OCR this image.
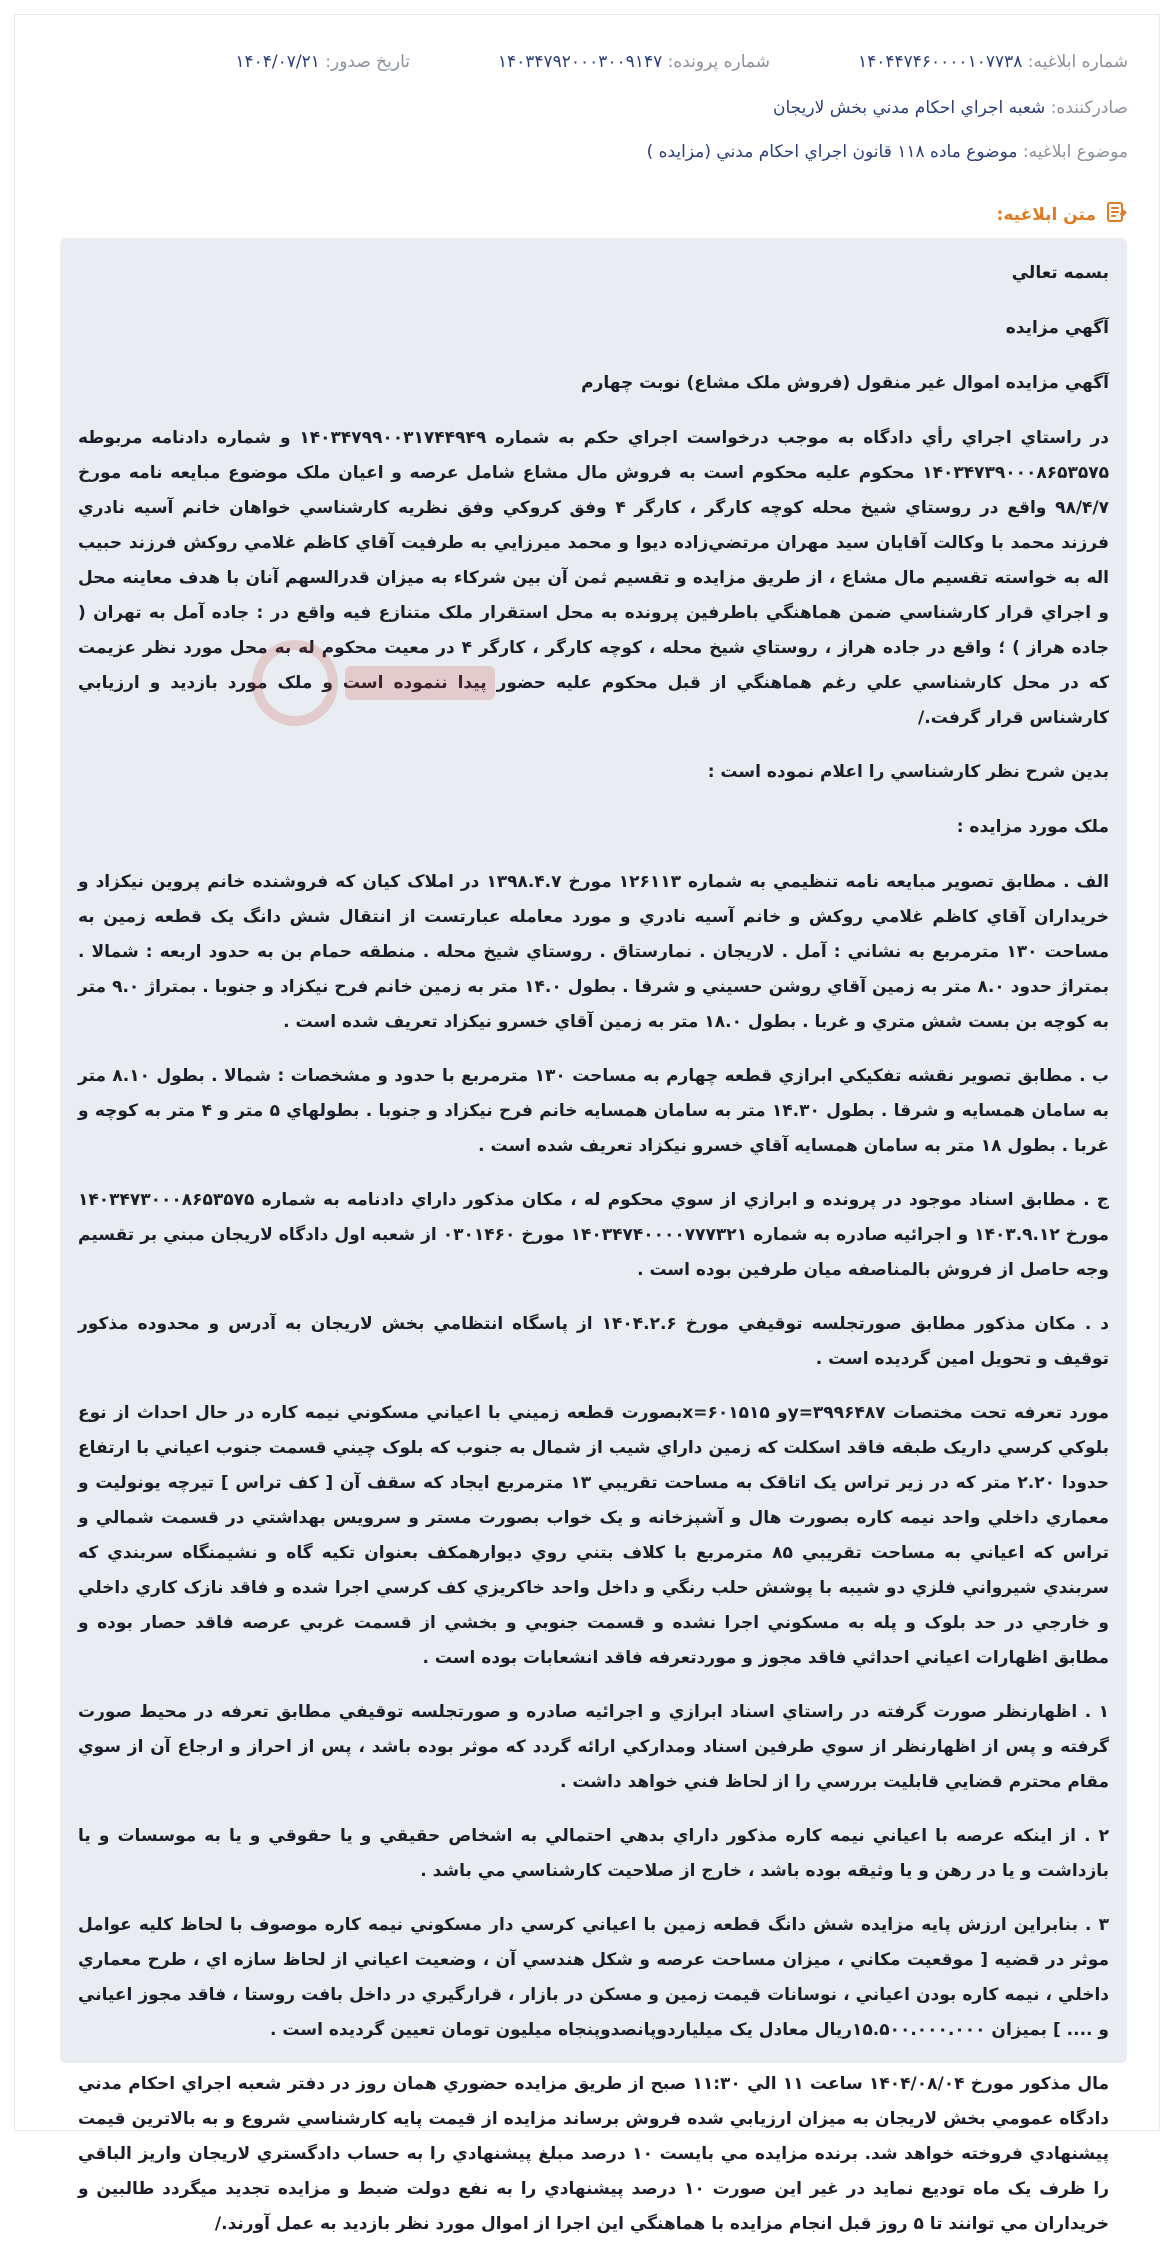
شماره ابلاغيه: ۱۴۰۴۴۷۴۶۰۰۰۰۱۰۷۷۳۸
شماره پرونده: ۱۴۰۳۴۷۹۲۰۰۰۳۰۰۹۱۴۷
تاريخ صدور: ۱۴۰۴/۰۷/۲۱
صادرکننده: شعبه اجراي احکام مدني بخش لاريجان
موضوع ابلاغيه: موضوع ماده ۱۱۸ قانون اجراي احکام مدني (مزايده )
متن ابلاغيه:

بسمه تعالي

آگهي مزايده

آگهي مزايده اموال غير منقول (فروش ملک مشاع) نوبت چهارم

در راستاي اجراي رأي دادگاه به موجب درخواست اجراي حکم به شماره ۱۴۰۳۴۷۹۹۰۰۳۱۷۴۴۹۴۹ و شماره دادنامه مربوطه ۱۴۰۳۴۷۳۹۰۰۰۸۶۵۳۵۷۵ محکوم عليه محکوم است به فروش مال مشاع شامل عرصه و اعيان ملک موضوع مبايعه نامه مورخ ۹۸/۴/۷ واقع در روستاي شيخ محله کوچه کارگر ، کارگر ۴ وفق کروکي وفق نظريه کارشناسي خواهان خانم آسيه نادري فرزند محمد با وکالت آقايان سيد مهران مرتضي‌زاده ديوا و محمد ميرزايي به طرفيت آقاي کاظم غلامي روکش فرزند حبيب اله به خواسته تقسيم مال مشاع ، از طريق مزايده و تقسيم ثمن آن بين شرکاء به ميزان قدرالسهم آنان با هدف معاينه محل و اجراي قرار کارشناسي ضمن هماهنگي باطرفين پرونده به محل استقرار ملک متنازع فيه واقع در : جاده آمل به تهران ( جاده هراز ) ؛ واقع در جاده هراز ، روستاي شيخ محله ، کوچه کارگر ، کارگر ۴ در معيت محکوم له به محل مورد نظر عزيمت که در محل کارشناسي علي رغم هماهنگي از قبل محکوم عليه حضور پيدا ننموده است و ملک مورد بازديد و ارزيابي کارشناس قرار گرفت./

بدين شرح نظر کارشناسي را اعلام نموده است :

ملک مورد مزايده :

الف . مطابق تصوير مبايعه نامه تنظيمي به شماره ۱۲۶۱۱۳ مورخ ۱۳۹۸.۴.۷ در املاک کيان که فروشنده خانم پروين نيکزاد و خريداران آقاي کاظم غلامي روکش و خانم آسيه نادري و مورد معامله عبارتست از انتقال شش دانگ يک قطعه زمين به مساحت ۱۳۰ مترمربع به نشاني : آمل . لاريجان . نمارستاق . روستاي شيخ محله . منطقه حمام بن به حدود اربعه : شمالا . بمتراژ حدود ۸.۰ متر به زمين آقاي روشن حسيني و شرقا . بطول ۱۴.۰ متر به زمين خانم فرح نيکزاد و جنوبا . بمتراژ ۹.۰ متر به کوچه بن بست شش متري و غربا . بطول ۱۸.۰ متر به زمين آقاي خسرو نيکزاد تعريف شده است .

ب . مطابق تصوير نقشه تفکيکي ابرازي قطعه چهارم به مساحت ۱۳۰ مترمربع با حدود و مشخصات : شمالا . بطول ۸.۱۰ متر به سامان همسايه و شرقا . بطول ۱۴.۳۰ متر به سامان همسايه خانم فرح نيکزاد و جنوبا . بطولهاي ۵ متر و ۴ متر به کوچه و غربا . بطول ۱۸ متر به سامان همسايه آقاي خسرو نيکزاد تعريف شده است .

ج . مطابق اسناد موجود در پرونده و ابرازي از سوي محکوم له ، مکان مذکور داراي دادنامه به شماره ۱۴۰۳۴۷۳۰۰۰۸۶۵۳۵۷۵ مورخ ۱۴۰۳.۹.۱۲ و اجرائيه صادره به شماره ۱۴۰۳۴۷۴۰۰۰۰۷۷۷۳۲۱ مورخ ۱۴۶۰‏۰۳۰ از شعبه اول دادگاه لاريجان مبني بر تقسيم وجه حاصل از فروش بالمناصفه ميان طرفين بوده است .

د . مکان مذکور مطابق صورتجلسه توقيفي مورخ ۱۴۰۴.۲.۶ از پاسگاه انتظامي بخش لاريجان به آدرس و محدوده مذکور توقيف و تحويل امين گرديده است .

مورد تعرفه تحت مختصات y=۳۹۹۶۴۸۷و x=۶۰۱۵۱۵بصورت قطعه زميني با اعياني مسکوني نيمه کاره در حال احداث از نوع بلوکي کرسي داريک طبقه فاقد اسکلت که زمين داراي شيب از شمال به جنوب که بلوک چيني قسمت جنوب اعياني با ارتفاع حدودا ۲.۲۰ متر که در زير تراس يک اتاقک به مساحت تقريبي ۱۳ مترمربع ايجاد که سقف آن [ کف تراس ] تيرچه يونوليت و معماري داخلي واحد نيمه کاره بصورت هال و آشپزخانه و يک خواب بصورت مستر و سرويس بهداشتي در قسمت شمالي و تراس که اعياني به مساحت تقريبي ۸۵ مترمربع با کلاف بتني روي ديوارهمکف بعنوان تکيه گاه و نشيمنگاه سربندي که سربندي شيرواني فلزي دو شيبه با پوشش حلب رنگي و داخل واحد خاکريزي کف کرسي اجرا شده و فاقد نازک کاري داخلي و خارجي در حد بلوک و پله به مسکوني اجرا نشده و قسمت جنوبي و بخشي از قسمت غربي عرصه فاقد حصار بوده و مطابق اظهارات اعياني احداثي فاقد مجوز و موردتعرفه فاقد انشعابات بوده است .

۱ . اظهارنظر صورت گرفته در راستاي اسناد ابرازي و اجرائيه صادره و صورتجلسه توقيفي مطابق تعرفه در محيط صورت گرفته و پس از اظهارنظر از سوي طرفين اسناد ومدارکي ارائه گردد که موثر بوده باشد ، پس از احراز و ارجاع آن از سوي مقام محترم قضايي قابليت بررسي را از لحاظ فني خواهد داشت .

۲ . از اينکه عرصه با اعياني نيمه کاره مذکور داراي بدهي احتمالي به اشخاص حقيقي و يا حقوقي و يا به موسسات و يا بازداشت و يا در رهن و يا وثيقه بوده باشد ، خارج از صلاحيت کارشناسي مي باشد .

۳ . بنابراين ارزش پايه مزايده شش دانگ قطعه زمين با اعياني کرسي دار مسکوني نيمه کاره موصوف با لحاظ کليه عوامل موثر در قضيه [ موقعيت مکاني ، ميزان مساحت عرصه و شکل هندسي آن ، وضعيت اعياني از لحاظ سازه اي ، طرح معماري داخلي ، نيمه کاره بودن اعياني ، نوسانات قيمت زمين و مسکن در بازار ، قرارگيري در داخل بافت روستا ، فاقد مجوز اعياني و .... ] بميزان ۱۵.۵۰۰.۰۰۰.۰۰۰ريال معادل يک ميليارد‌وپانصد‌وپنجاه ميليون تومان تعيين گرديده است .

مال مذکور مورخ ۱۴۰۴/۰۸/۰۴ ساعت ۱۱ الي ۱۱:۳۰ صبح از طريق مزايده حضوري همان روز در دفتر شعبه اجراي احکام مدني دادگاه عمومي بخش لاريجان به ميزان ارزيابي شده فروش برساند مزايده از قيمت پايه کارشناسي شروع و به بالاترين قيمت پيشنهادي فروخته خواهد شد. برنده مزايده مي بايست ۱۰ درصد مبلغ پيشنهادي را به حساب دادگستري لاريجان واريز الباقي را ظرف يک ماه توديع نمايد در غير اين صورت ۱۰ درصد پيشنهادي را به نفع دولت ضبط و مزايده تجديد ميگردد طالبين و خريداران مي توانند تا ۵ روز قبل انجام مزايده با هماهنگي اين اجرا از اموال مورد نظر بازديد به عمل آورند./
